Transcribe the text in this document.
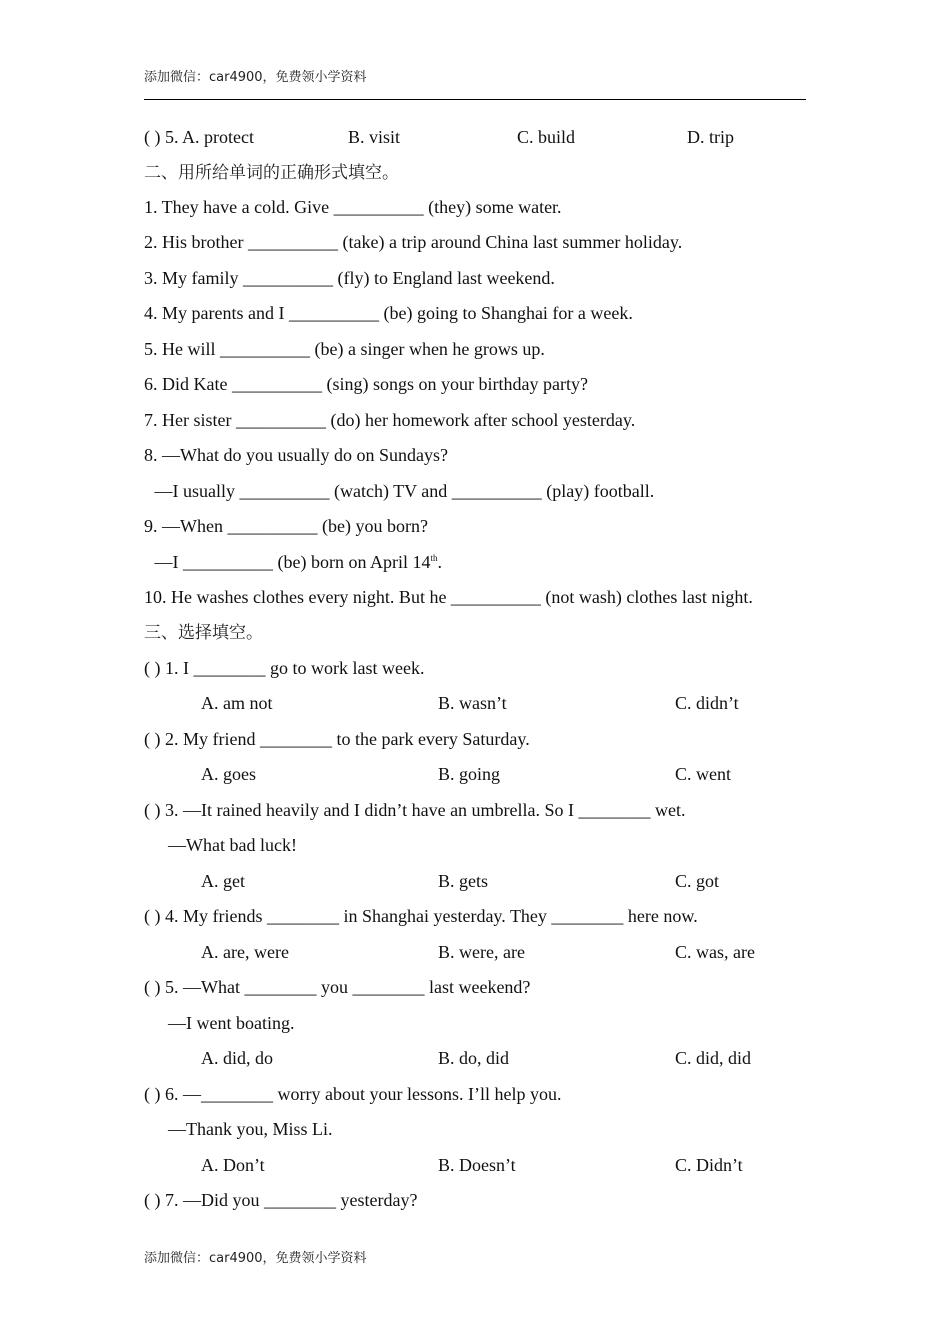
添加微信：car4900，免费领小学资料
( ) 5. A. protect	B. visit	C. build	D. trip
二、用所给单词的正确形式填空。
1. They have a cold. Give __________ (they) some water.
2. His brother __________ (take) a trip around China last summer holiday.
3. My family __________ (fly) to England last weekend.
4. My parents and I __________ (be) going to Shanghai for a week.
5. He will __________ (be) a singer when he grows up.
6. Did Kate __________ (sing) songs on your birthday party?
7. Her sister __________ (do) her homework after school yesterday.
8. —What do you usually do on Sundays?
—I usually __________ (watch) TV and __________ (play) football.
9. —When __________ (be) you born?
—I __________ (be) born on April 14th.
10. He washes clothes every night. But he __________ (not wash) clothes last night.
三、选择填空。
( ) 1. I ________ go to work last week.
A. am not	B. wasn’t	C. didn’t
( ) 2. My friend ________ to the park every Saturday.
A. goes	B. going	C. went
( ) 3. —It rained heavily and I didn’t have an umbrella. So I ________ wet.
—What bad luck!
A. get	B. gets	C. got
( ) 4. My friends ________ in Shanghai yesterday. They ________ here now.
A. are, were	B. were, are	C. was, are
( ) 5. —What ________ you ________ last weekend?
—I went boating.
A. did, do	B. do, did	C. did, did
( ) 6. —________ worry about your lessons. I’ll help you.
—Thank you, Miss Li.
A. Don’t	B. Doesn’t	C. Didn’t
( ) 7. —Did you ________ yesterday?
添加微信：car4900，免费领小学资料
